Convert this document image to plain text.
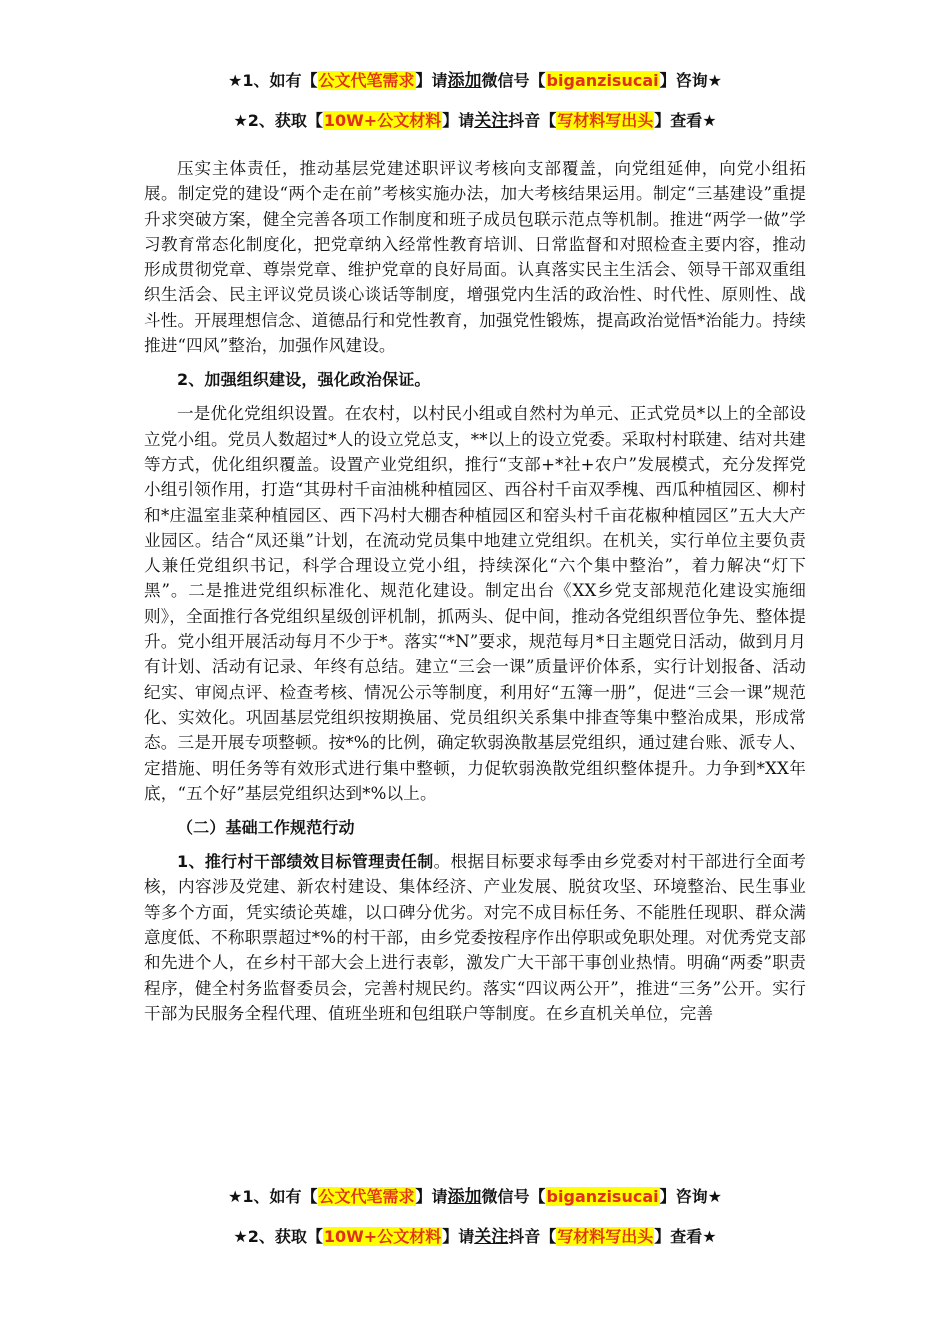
★1、如有【公文代笔需求】请添加微信号【biganzisucai】咨询★
★2、获取【10W+公文材料】请关注抖音【写材料写出头】查看★

压实主体责任，推动基层党建述职评议考核向支部覆盖，向党组延伸，向党小组拓展。制定党的建设“两个走在前”考核实施办法，加大考核结果运用。制定“三基建设”重提升求突破方案，健全完善各项工作制度和班子成员包联示范点等机制。推进“两学一做”学习教育常态化制度化，把党章纳入经常性教育培训、日常监督和对照检查主要内容，推动形成贯彻党章、尊崇党章、维护党章的良好局面。认真落实民主生活会、领导干部双重组织生活会、民主评议党员谈心谈话等制度，增强党内生活的政治性、时代性、原则性、战斗性。开展理想信念、道德品行和党性教育，加强党性锻炼，提高政治觉悟*治能力。持续推进“四风”整治，加强作风建设。

2、加强组织建设，强化政治保证。

一是优化党组织设置。在农村，以村民小组或自然村为单元、正式党员*以上的全部设立党小组。党员人数超过*人的设立党总支，**以上的设立党委。采取村村联建、结对共建等方式，优化组织覆盖。设置产业党组织，推行“支部+*社+农户”发展模式，充分发挥党小组引领作用，打造“其毋村千亩油桃种植园区、西谷村千亩双季槐、西瓜种植园区、柳村和*庄温室韭菜种植园区、西下冯村大棚杏种植园区和窑头村千亩花椒种植园区”五大大产业园区。结合“凤还巢”计划，在流动党员集中地建立党组织。在机关，实行单位主要负责人兼任党组织书记，科学合理设立党小组，持续深化“六个集中整治”，着力解决“灯下黑”。二是推进党组织标准化、规范化建设。制定出台《XX乡党支部规范化建设实施细则》，全面推行各党组织星级创评机制，抓两头、促中间，推动各党组织晋位争先、整体提升。党小组开展活动每月不少于*。落实“*N”要求，规范每月*日主题党日活动，做到月月有计划、活动有记录、年终有总结。建立“三会一课”质量评价体系，实行计划报备、活动纪实、审阅点评、检查考核、情况公示等制度，利用好“五簿一册”，促进“三会一课”规范化、实效化。巩固基层党组织按期换届、党员组织关系集中排查等集中整治成果，形成常态。三是开展专项整顿。按*%的比例，确定软弱涣散基层党组织，通过建台账、派专人、定措施、明任务等有效形式进行集中整顿，力促软弱涣散党组织整体提升。力争到*XX年底，“五个好”基层党组织达到*%以上。

（二）基础工作规范行动

1、推行村干部绩效目标管理责任制。根据目标要求每季由乡党委对村干部进行全面考核，内容涉及党建、新农村建设、集体经济、产业发展、脱贫攻坚、环境整治、民生事业等多个方面，凭实绩论英雄，以口碑分优劣。对完不成目标任务、不能胜任现职、群众满意度低、不称职票超过*%的村干部，由乡党委按程序作出停职或免职处理。对优秀党支部和先进个人，在乡村干部大会上进行表彰，激发广大干部干事创业热情。明确“两委”职责程序，健全村务监督委员会，完善村规民约。落实“四议两公开”，推进“三务”公开。实行干部为民服务全程代理、值班坐班和包组联户等制度。在乡直机关单位，完善

★1、如有【公文代笔需求】请添加微信号【biganzisucai】咨询★
★2、获取【10W+公文材料】请关注抖音【写材料写出头】查看★
